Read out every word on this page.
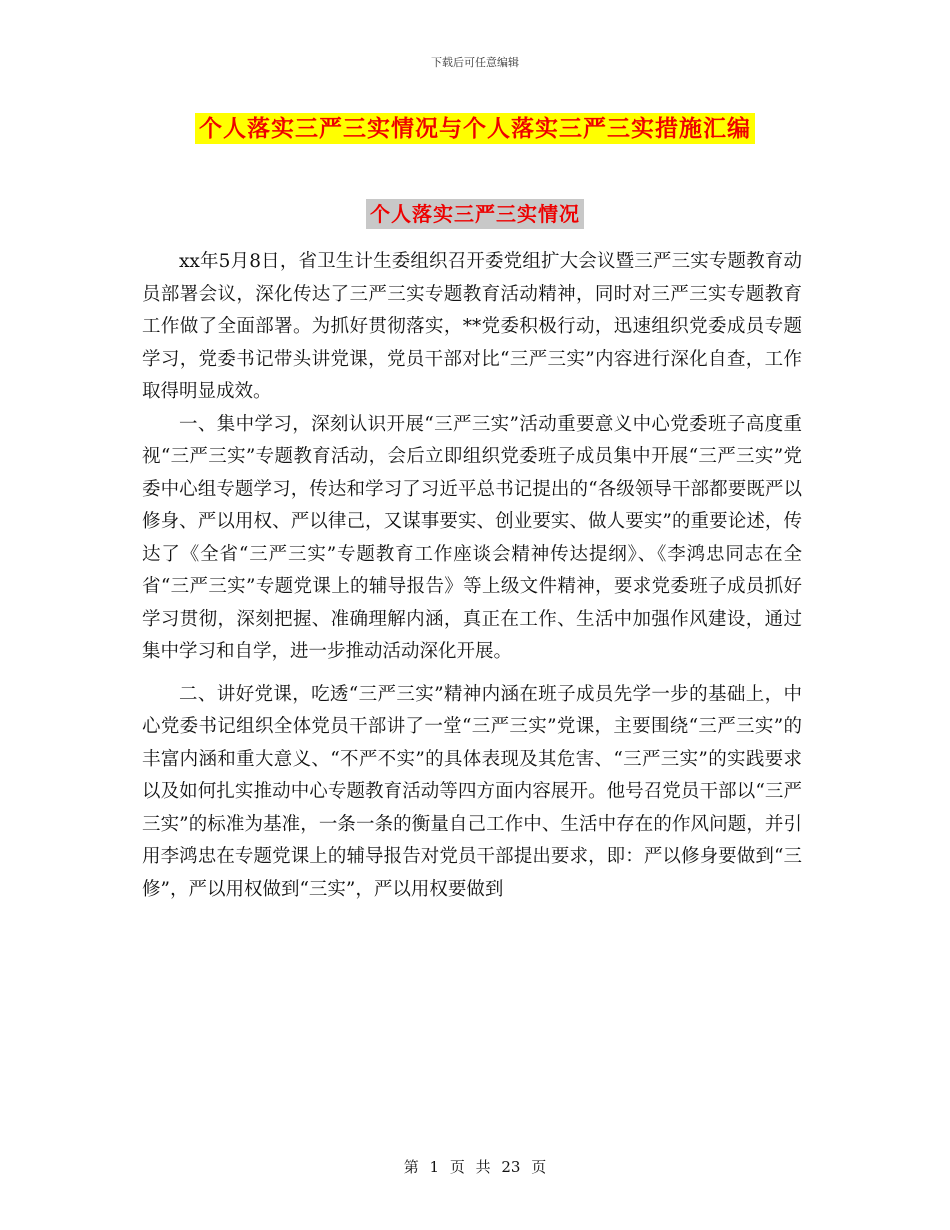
下载后可任意编辑
个人落实三严三实情况与个人落实三严三实措施汇编
个人落实三严三实情况

xx年5月8日，省卫生计生委组织召开委党组扩大会议暨三严三实专题教育动员部署会议，深化传达了三严三实专题教育活动精神，同时对三严三实专题教育工作做了全面部署。为抓好贯彻落实，**党委积极行动，迅速组织党委成员专题学习，党委书记带头讲党课，党员干部对比“三严三实”内容进行深化自查，工作取得明显成效。

一、集中学习，深刻认识开展“三严三实”活动重要意义中心党委班子高度重视“三严三实”专题教育活动，会后立即组织党委班子成员集中开展“三严三实”党委中心组专题学习，传达和学习了习近平总书记提出的“各级领导干部都要既严以修身、严以用权、严以律己，又谋事要实、创业要实、做人要实”的重要论述，传达了《全省“三严三实”专题教育工作座谈会精神传达提纲》、《李鸿忠同志在全省“三严三实”专题党课上的辅导报告》等上级文件精神，要求党委班子成员抓好学习贯彻，深刻把握、准确理解内涵，真正在工作、生活中加强作风建设，通过集中学习和自学，进一步推动活动深化开展。

二、讲好党课，吃透“三严三实”精神内涵在班子成员先学一步的基础上，中心党委书记组织全体党员干部讲了一堂“三严三实”党课，主要围绕“三严三实”的丰富内涵和重大意义、“不严不实”的具体表现及其危害、“三严三实”的实践要求以及如何扎实推动中心专题教育活动等四方面内容展开。他号召党员干部以“三严三实”的标准为基准，一条一条的衡量自己工作中、生活中存在的作风问题，并引用李鸿忠在专题党课上的辅导报告对党员干部提出要求，即：严以修身要做到“三修”，严以用权做到“三实”，严以用权要做到

第 1 页 共 23 页
